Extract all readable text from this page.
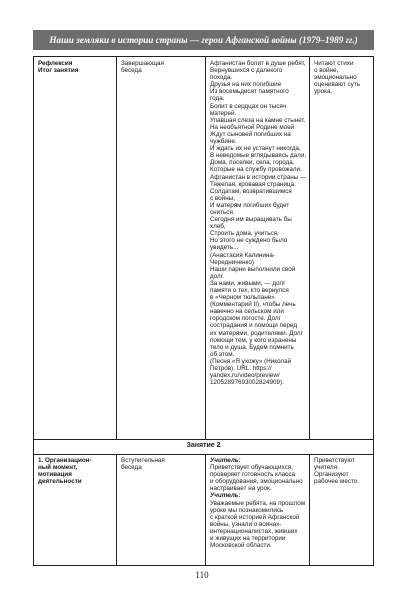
Наши земляки в истории страны — герои Афганской войны (1979–1989 гг.)
Рефлексия
Итог занятия
Завершающая
беседа
Афганистан болит в душе ребят,
Вернувшихся с далекого
похода.
Друзья на них погибшие
Из восемьдесят памятного
года.
Болит в сердцах он тысяч
матерей.
Упавшая слеза на камне стынет.
На необъятной Родине моей
Ждут сыновей погибших на
чужбине.
И ждать их не устанут никогда,
В неведомые вглядываясь дали,
Дома, поселки, села, города,
Которые на службу провожали.
Афганистан в истории страны —
Тяжелая, кровавая страница.
Солдатам, возвратившимся
с войны,
И матерям погибших будет
сниться.
Сегодня им выращивать бы
хлеб,
Строить дома, учиться,
Но этого не суждено было
увидеть...
(Анастасия Калинина-
Чередниченко)
Наши парни выполнили свой
долг.
За нами, живыми, — долг
памяти о тех, кто вернулся
в «Черном тюльпане»
(Комментарий II), чтобы лечь
навечно на сельском или
городском погосте. Долг
сострадания и помощи перед
их матерями, родителями. Долг
помощи тем, у кого изранены
тело и душа. Будем помнить
об этом.
(Песня «Я ухожу» (Николай
Петров). URL: https://
yandex.ru/video/preview/
12052897693002824909).
Читают стихи
о войне,
эмоционально
оценивают суть
урока.
Занятие 2
1. Организацион-
ный момент,
мотивация
деятельности
Вступительная
беседа
Учитель:
Приветствует обучающихся,
проверяет готовность класса
и оборудования, эмоционально
настраивает на урок.
Учитель:
Уважаемые ребята, на прошлом
уроке мы познакомились
с краткой историей Афганской
войны, узнали о воинах-
интернационалистах, живших
и живущих на территории
Московской области.
Приветствуют
учителя.
Организуют
рабочее место.
110
